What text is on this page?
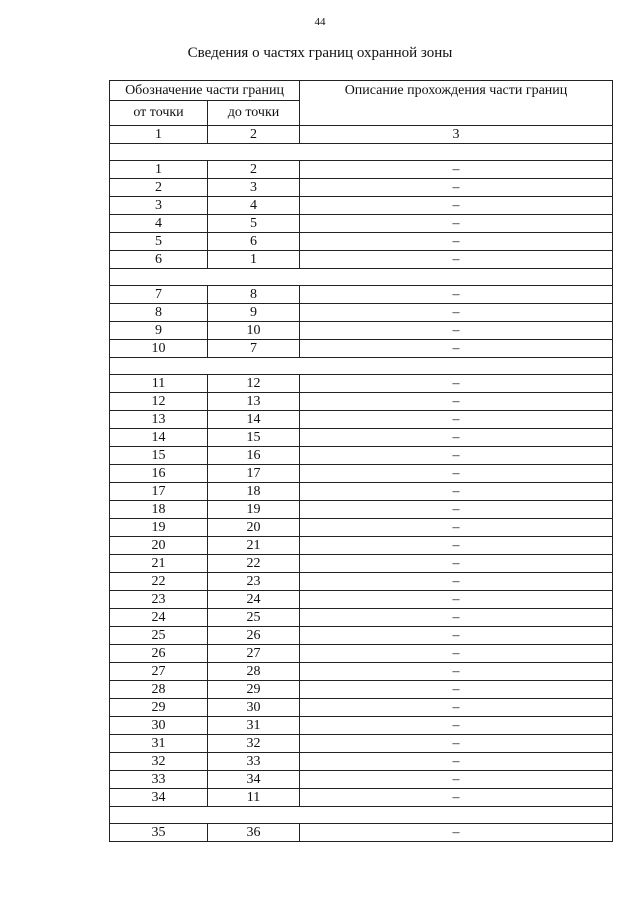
44
Сведения о частях границ охранной зоны
Обозначение части границ		Описание прохождения части границ
от точки	до точки	
1	2	3

1	2	–
2	3	–
3	4	–
4	5	–
5	6	–
6	1	–

7	8	–
8	9	–
9	10	–
10	7	–

11	12	–
12	13	–
13	14	–
14	15	–
15	16	–
16	17	–
17	18	–
18	19	–
19	20	–
20	21	–
21	22	–
22	23	–
23	24	–
24	25	–
25	26	–
26	27	–
27	28	–
28	29	–
29	30	–
30	31	–
31	32	–
32	33	–
33	34	–
34	11	–

35	36	–
